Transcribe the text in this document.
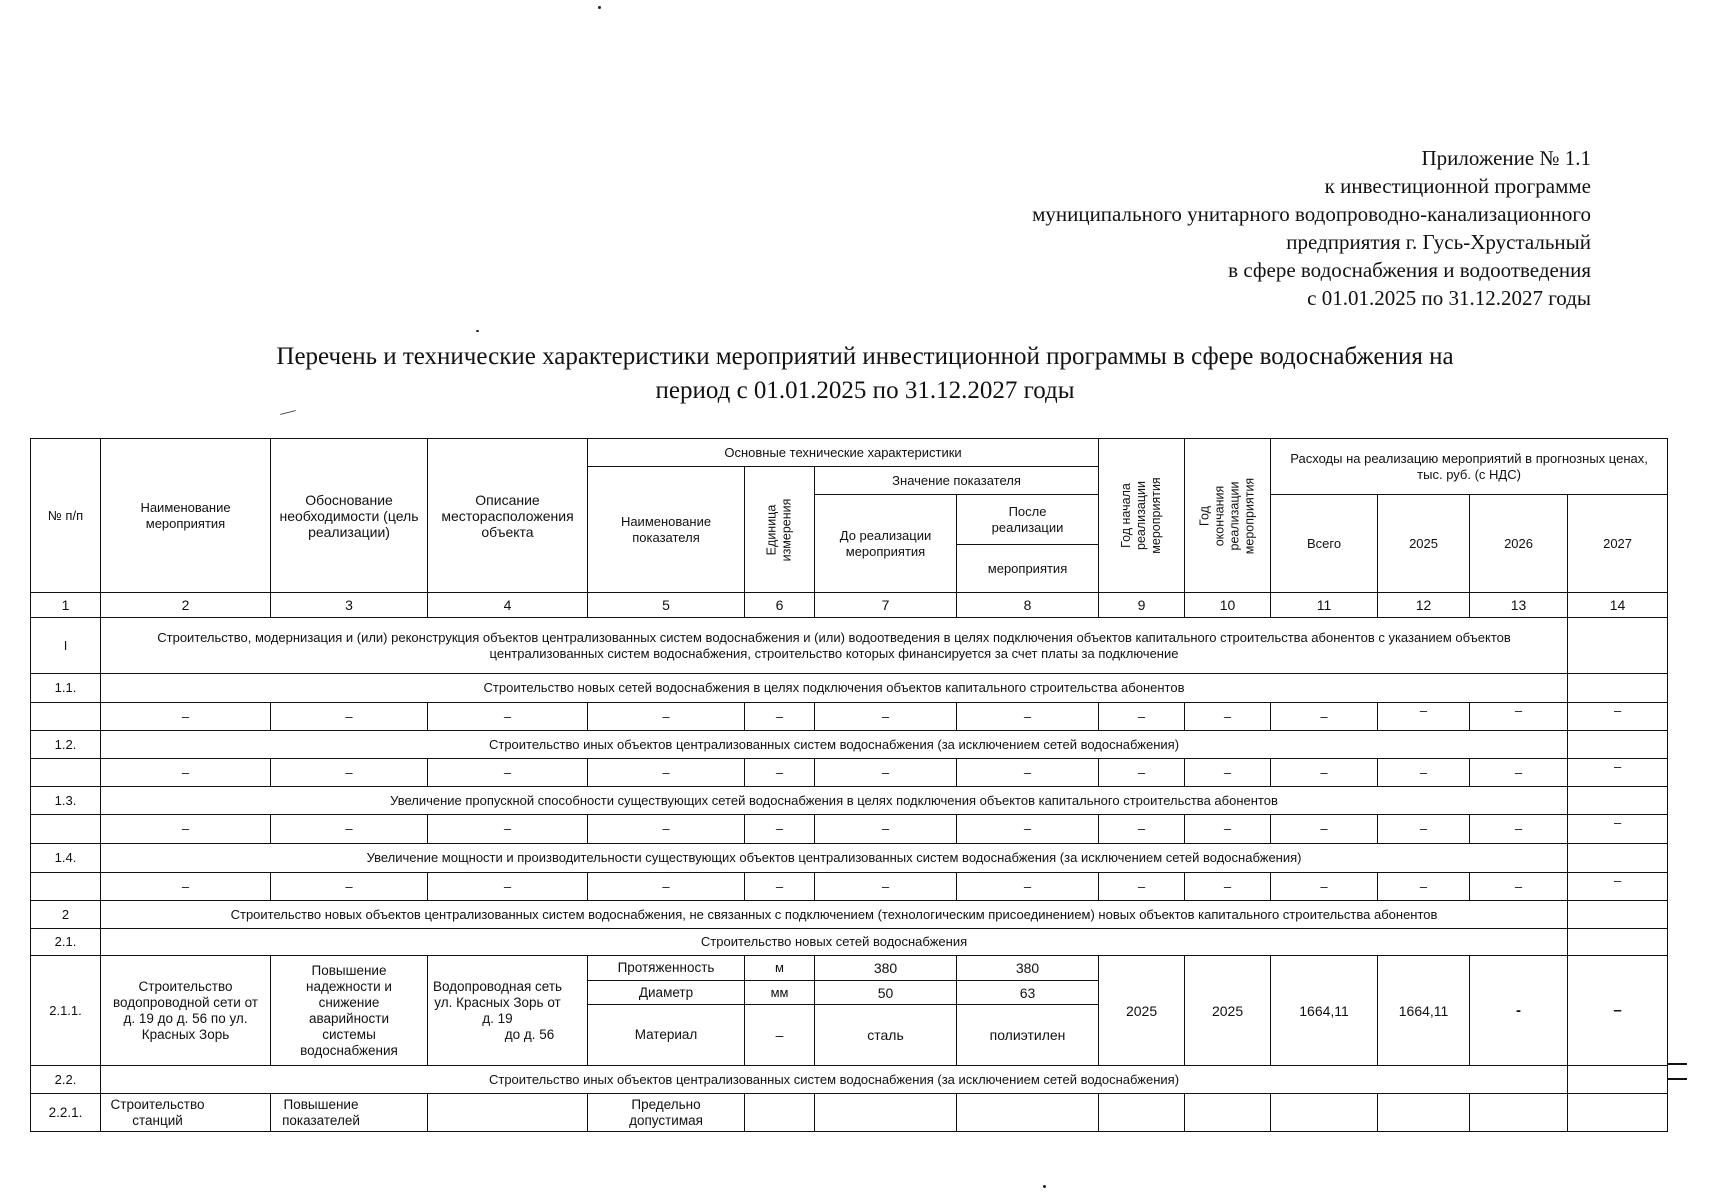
Приложение № 1.1
к инвестиционной программе
муниципального унитарного водопроводно-канализационного
предприятия г. Гусь-Хрустальный
в сфере водоснабжения и водоотведения
с 01.01.2025 по 31.12.2027 годы
Перечень и технические характеристики мероприятий инвестиционной программы в сфере водоснабжения на
период с 01.01.2025 по 31.12.2027 годы
№ п/п	Наименование мероприятия	Обоснование необходимости (цель реализации)	Описание месторасположения объекта	Основные технические характеристики				Год начала реализации мероприятия	Год окончания реализации мероприятия	Расходы на реализацию мероприятий в прогнозных ценах, тыс. руб. (с НДС)			
				Наименование показателя	Единица измерения	Значение показателя							
						До реализации мероприятия	После реализации			Всего	2025	2026	2027
							мероприятия						
1	2	3	4	5	6	7	8	9	10	11	12	13	14
I	Строительство, модернизация и (или) реконструкция объектов централизованных систем водоснабжения и (или) водоотведения в целях подключения объектов капитального строительства абонентов с указанием объектов централизованных систем водоснабжения, строительство которых финансируется за счет платы за подключение												
1.1.	Строительство новых сетей водоснабжения в целях подключения объектов капитального строительства абонентов												
	–	–	–	–	–	–	–	–	–	–	–	–	–
1.2.	Строительство иных объектов централизованных систем водоснабжения (за исключением сетей водоснабжения)												
	–	–	–	–	–	–	–	–	–	–	–	–	–
1.3.	Увеличение пропускной способности существующих сетей водоснабжения в целях подключения объектов капитального строительства абонентов												
	–	–	–	–	–	–	–	–	–	–	–	–	–
1.4.	Увеличение мощности и производительности существующих объектов централизованных систем водоснабжения (за исключением сетей водоснабжения)												
	–	–	–	–	–	–	–	–	–	–	–	–	–
2	Строительство новых объектов централизованных систем водоснабжения, не связанных с подключением (технологическим присоединением) новых объектов капитального строительства абонентов												
2.1.	Строительство новых сетей водоснабжения												
2.1.1.	Строительство водопроводной сети от д. 19 до д. 56 по ул. Красных Зорь	Повышение надежности и снижение аварийности системы водоснабжения	Водопроводная сеть ул. Красных Зорь от д. 19
до д. 56	Протяженность	м	380	380	2025	2025	1664,11	1664,11	-	–
				Диаметр	мм	50	63						
				Материал	–	сталь	полиэтилен						
2.2.	Строительство иных объектов централизованных систем водоснабжения (за исключением сетей водоснабжения)												
2.2.1.	Строительство станций	Повышение показателей		Предельно допустимая									
